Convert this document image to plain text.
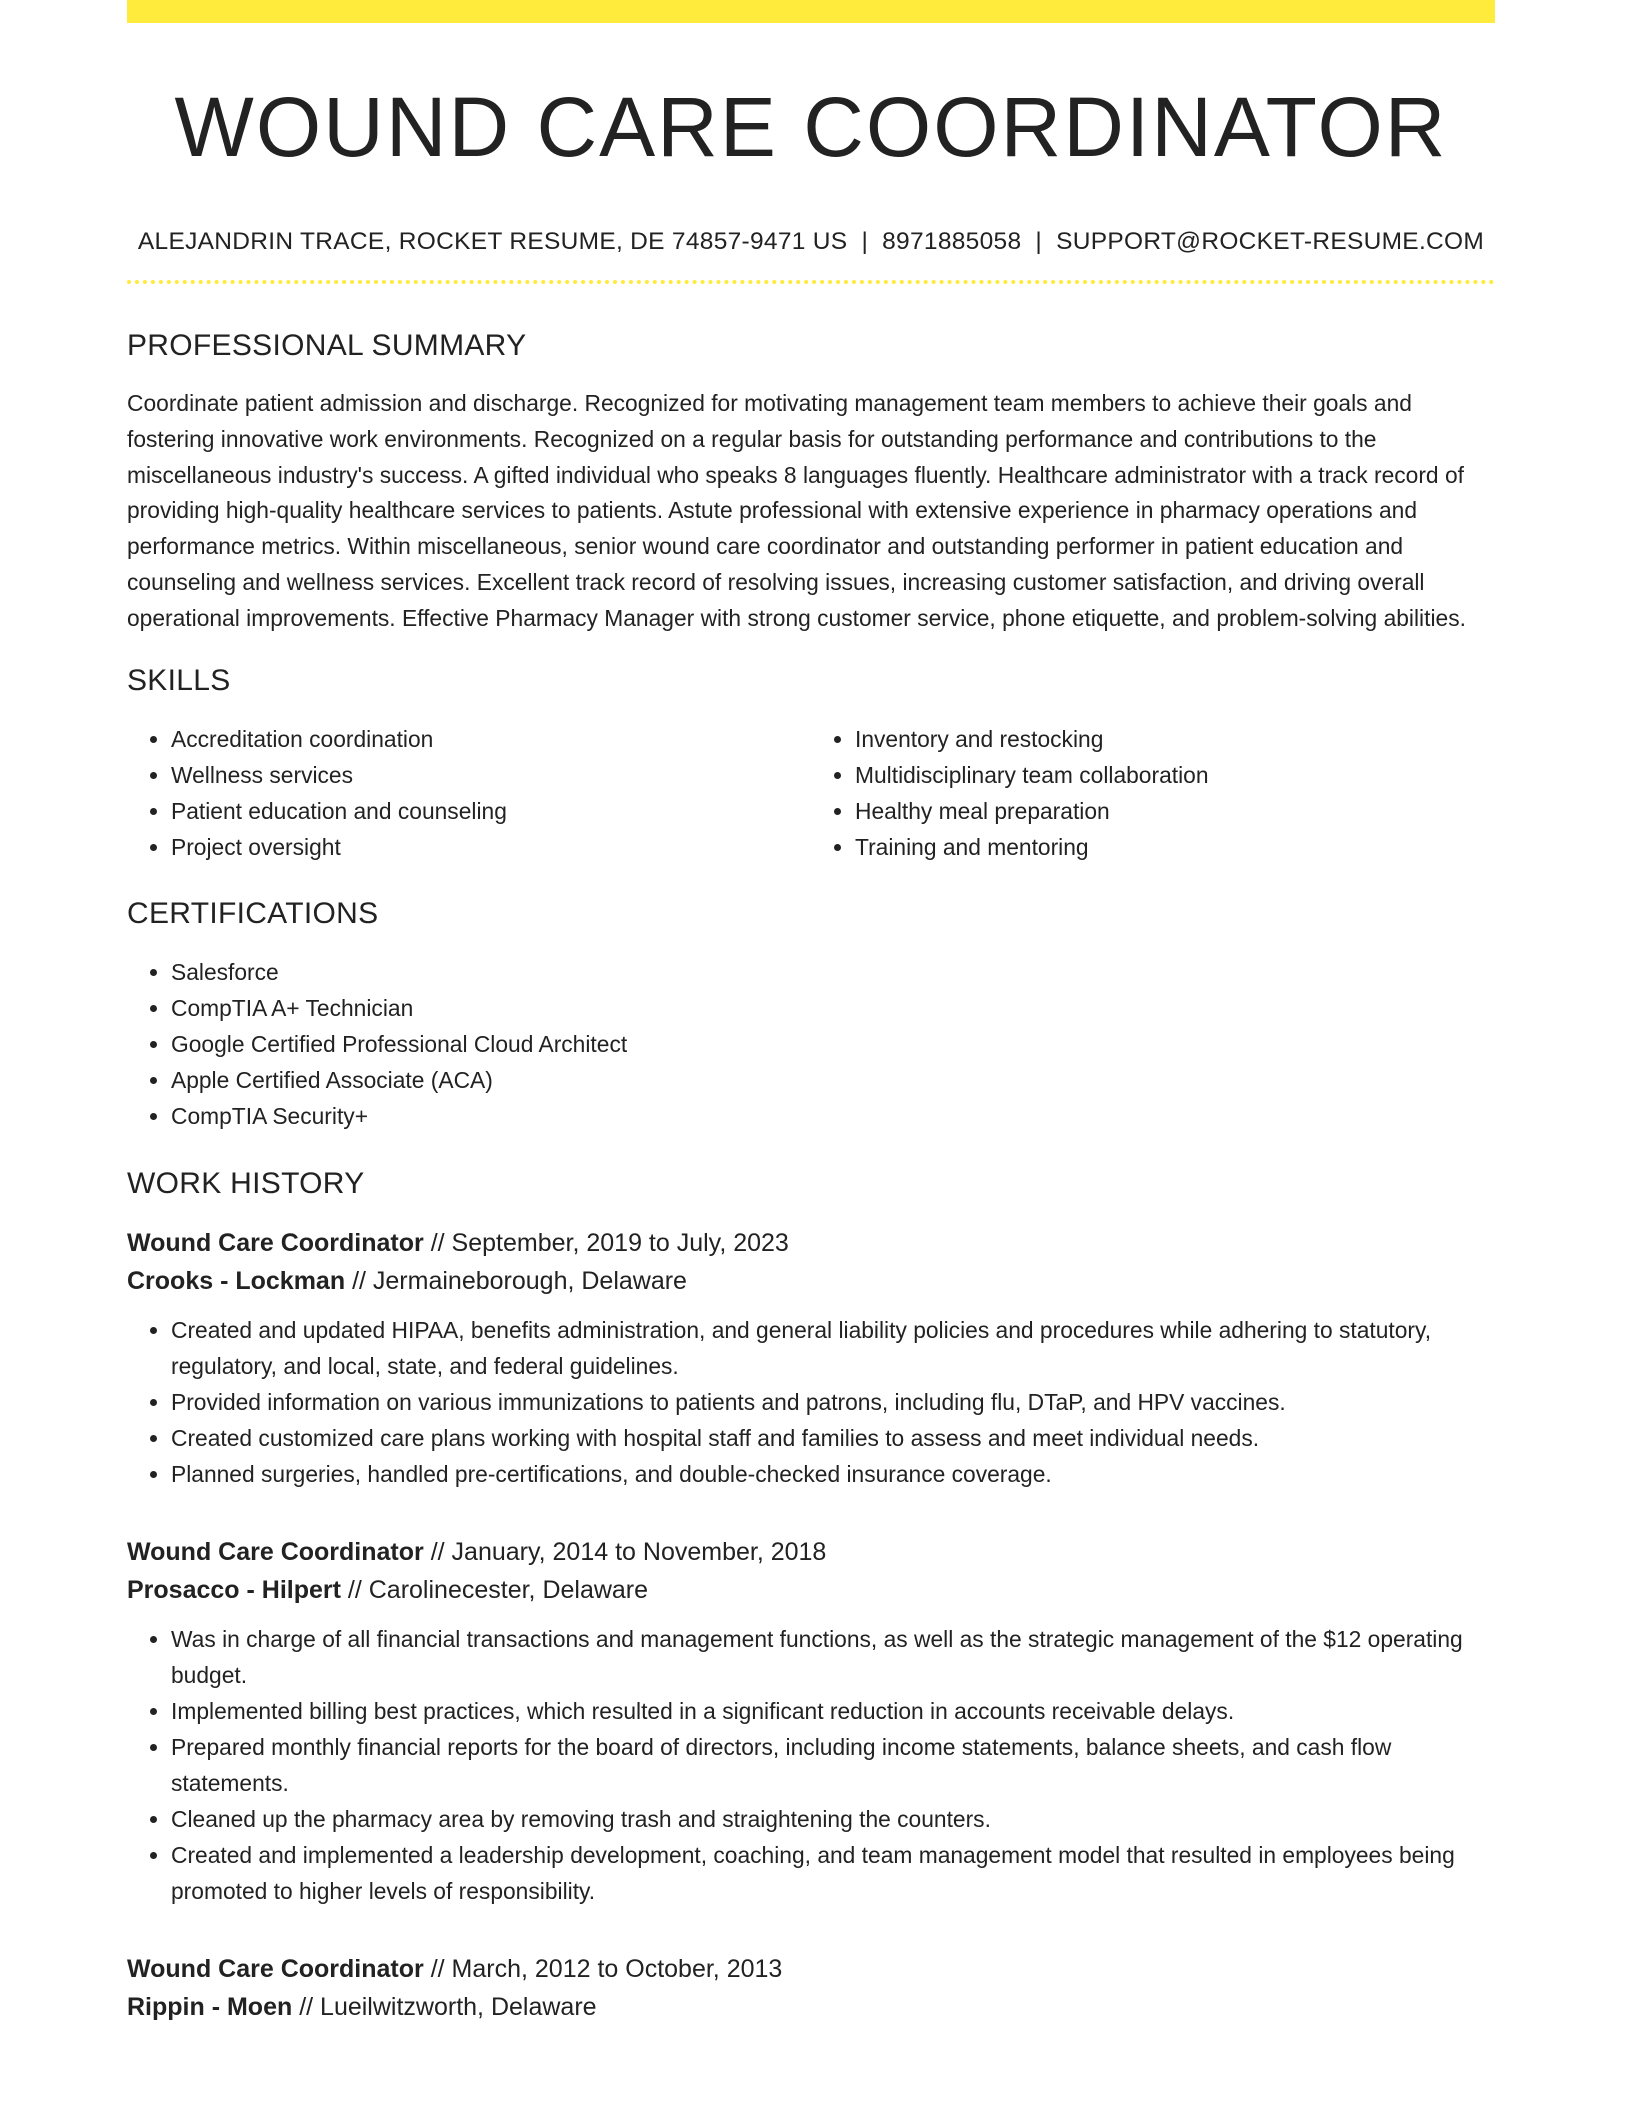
WOUND CARE COORDINATOR
ALEJANDRIN TRACE, ROCKET RESUME, DE 74857-9471 US | 8971885058 | SUPPORT@ROCKET-RESUME.COM
PROFESSIONAL SUMMARY

Coordinate patient admission and discharge. Recognized for motivating management team members to achieve their goals and fostering innovative work environments. Recognized on a regular basis for outstanding performance and contributions to the miscellaneous industry's success. A gifted individual who speaks 8 languages fluently. Healthcare administrator with a track record of providing high-quality healthcare services to patients. Astute professional with extensive experience in pharmacy operations and performance metrics. Within miscellaneous, senior wound care coordinator and outstanding performer in patient education and counseling and wellness services. Excellent track record of resolving issues, increasing customer satisfaction, and driving overall operational improvements. Effective Pharmacy Manager with strong customer service, phone etiquette, and problem-solving abilities.

SKILLS
• Accreditation coordination
• Wellness services
• Patient education and counseling
• Project oversight
• Inventory and restocking
• Multidisciplinary team collaboration
• Healthy meal preparation
• Training and mentoring
CERTIFICATIONS
• Salesforce
• CompTIA A+ Technician
• Google Certified Professional Cloud Architect
• Apple Certified Associate (ACA)
• CompTIA Security+
WORK HISTORY
Wound Care Coordinator // September, 2019 to July, 2023
Crooks - Lockman // Jermaineborough, Delaware
• Created and updated HIPAA, benefits administration, and general liability policies and procedures while adhering to statutory, regulatory, and local, state, and federal guidelines.
• Provided information on various immunizations to patients and patrons, including flu, DTaP, and HPV vaccines.
• Created customized care plans working with hospital staff and families to assess and meet individual needs.
• Planned surgeries, handled pre-certifications, and double-checked insurance coverage.
Wound Care Coordinator // January, 2014 to November, 2018
Prosacco - Hilpert // Carolinecester, Delaware
• Was in charge of all financial transactions and management functions, as well as the strategic management of the $12 operating budget.
• Implemented billing best practices, which resulted in a significant reduction in accounts receivable delays.
• Prepared monthly financial reports for the board of directors, including income statements, balance sheets, and cash flow statements.
• Cleaned up the pharmacy area by removing trash and straightening the counters.
• Created and implemented a leadership development, coaching, and team management model that resulted in employees being promoted to higher levels of responsibility.
Wound Care Coordinator // March, 2012 to October, 2013
Rippin - Moen // Lueilwitzworth, Delaware
